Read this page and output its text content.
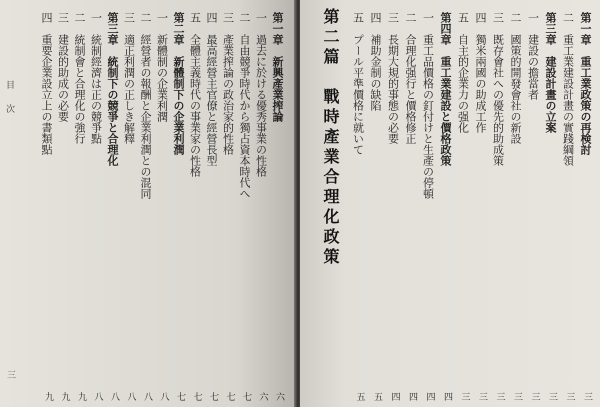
第一章　新興產業搾論
六
一　過去に於ける優秀事業の性格
六
二　自由競爭時代から獨占資本時代へ
七
三　產業搾論の政治家的性格
七
四　最高經營主官僚と經營長型
七
五　全體主義時代の事業家の性格
七
第二章　新體制下の企業利潤
七
一　新體制の企業利潤
八
二　經營者の報酬と企業利潤との混同
八
三　適正利潤の正しき解釋
八
第三章　統制下の競爭と合理化
八
一　統制經濟は正の競爭點
八
二　統制會と合理化の強行
九
三　建設的助成の必要
九
四　重要企業設立上の書類點
九
目
次
三
第二篇　戰時產業合理化政策	第一章　重工業政策の再検討
三
二　重工業建設計畫の實踐綱領
三
第三章　建設計畫の立案
三
一　建設の擔當者
三
二　國策的開發會社の新設
三
三　既存會社への優先的助成策
三
四　獨米兩國の助成工作
三
五　自主的企業力の强化
三
第四章　重工業建設と價格政策
四
一　重工品價格の釘付けと生產の停頓
四
二　合理化强行と價格修正
四
三　長期大規的事態の必要
四
四　補助金制の缺陷
五
五　プール平準價格に就いて
五
